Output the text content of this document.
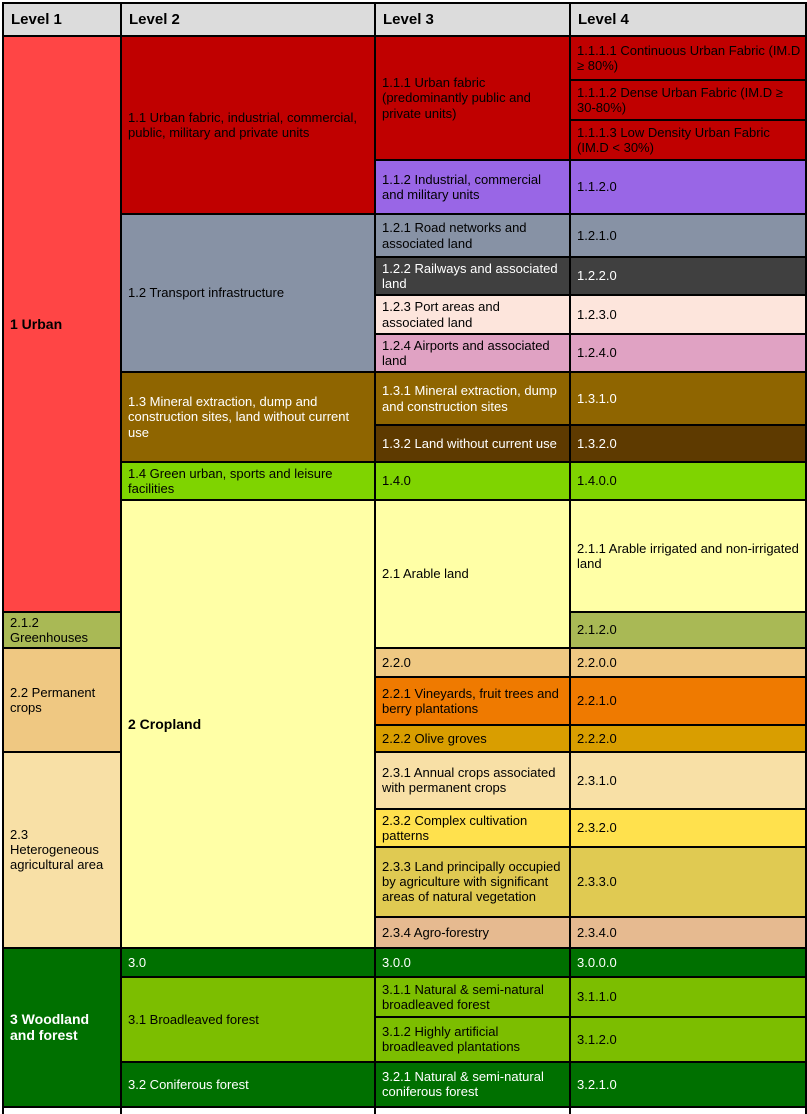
Level 1	Level 2	Level 3	Level 4	
1 Urban	1.1 Urban fabric, industrial, commercial, public, military and private units	1.1.1 Urban fabric (predominantly public and private units)	1.1.1.1 Continuous Urban Fabric (IM.D ≥ 80%)	
			1.1.1.2 Dense Urban Fabric (IM.D ≥ 30-80%)	
			1.1.1.3 Low Density Urban Fabric (IM.D < 30%)	
		1.1.2 Industrial, commercial and military units	1.1.2.0	
	1.2 Transport infrastructure	1.2.1 Road networks and associated land	1.2.1.0	
		1.2.2 Railways and associated land	1.2.2.0	
		1.2.3 Port areas and associated land	1.2.3.0	
		1.2.4 Airports and associated land	1.2.4.0	
	1.3 Mineral extraction, dump and construction sites, land without current use	1.3.1 Mineral extraction, dump and construction sites	1.3.1.0	
		1.3.2 Land without current use	1.3.2.0	
	1.4 Green urban, sports and leisure facilities	1.4.0	1.4.0.0	
	2 Cropland	2.1 Arable land	2.1.1 Arable irrigated and non-irrigated land	
2.1.2 Greenhouses			2.1.2.0	
2.2 Permanent crops		2.2.0	2.2.0.0	
		2.2.1 Vineyards, fruit trees and berry plantations	2.2.1.0	
		2.2.2 Olive groves	2.2.2.0	
2.3 Heterogeneous agricultural area		2.3.1 Annual crops associated with permanent crops	2.3.1.0	
		2.3.2 Complex cultivation patterns	2.3.2.0	
		2.3.3 Land principally occupied by agriculture with significant areas of natural vegetation	2.3.3.0	
		2.3.4 Agro-forestry	2.3.4.0	
3 Woodland and forest	3.0	3.0.0	3.0.0.0	
	3.1 Broadleaved forest	3.1.1 Natural & semi-natural broadleaved forest	3.1.1.0	
		3.1.2 Highly artificial broadleaved plantations	3.1.2.0	
	3.2 Coniferous forest	3.2.1 Natural & semi-natural coniferous forest	3.2.1.0	
